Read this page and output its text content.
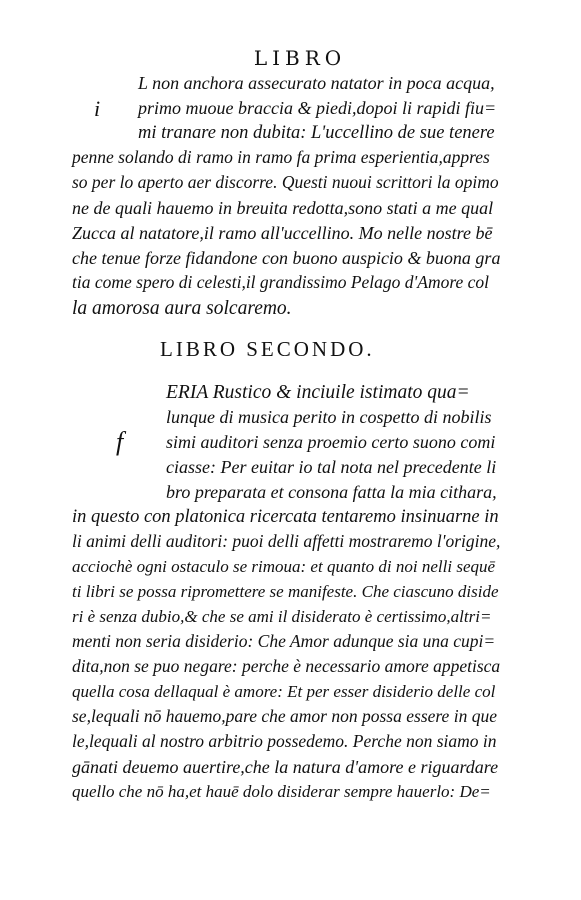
LIBRO
i
L non anchora assecurato natator in poca acqua,
primo muoue braccia & piedi,dopoi li rapidi fiu=
mi tranare non dubita: L'uccellino de sue tenere
penne solando di ramo in ramo fa prima esperientia,appres
so per lo aperto aer discorre. Questi nuoui scrittori la opimo
ne de quali hauemo in breuita redotta,sono stati a me qual
Zucca al natatore,il ramo all'uccellino. Mo nelle nostre bē
che tenue forze fidandone con buono auspicio & buona gra
tia come spero di celesti,il grandissimo Pelago d'Amore col
la amorosa aura solcaremo.
LIBRO SECONDO.
f
ERIA Rustico & inciuile istimato qua=
lunque di musica perito in cospetto di nobilis
simi auditori senza proemio certo suono comi
ciasse: Per euitar io tal nota nel precedente li
bro preparata et consona fatta la mia cithara,
in questo con platonica ricercata tentaremo insinuarne in
li animi delli auditori: puoi delli affetti mostraremo l'origine,
acciochè ogni ostaculo se rimoua: et quanto di noi nelli sequē
ti libri se possa ripromettere se manifeste. Che ciascuno diside
ri è senza dubio,& che se ami il disiderato è certissimo,altri=
menti non seria disiderio: Che Amor adunque sia una cupi=
dita,non se puo negare: perche è necessario amore appetisca
quella cosa dellaqual è amore: Et per esser disiderio delle col
se,lequali nō hauemo,pare che amor non possa essere in que
le,lequali al nostro arbitrio possedemo. Perche non siamo in
gānati deuemo auertire,che la natura d'amore e riguardare
quello che nō ha,et hauē dolo disiderar sempre hauerlo: De=
